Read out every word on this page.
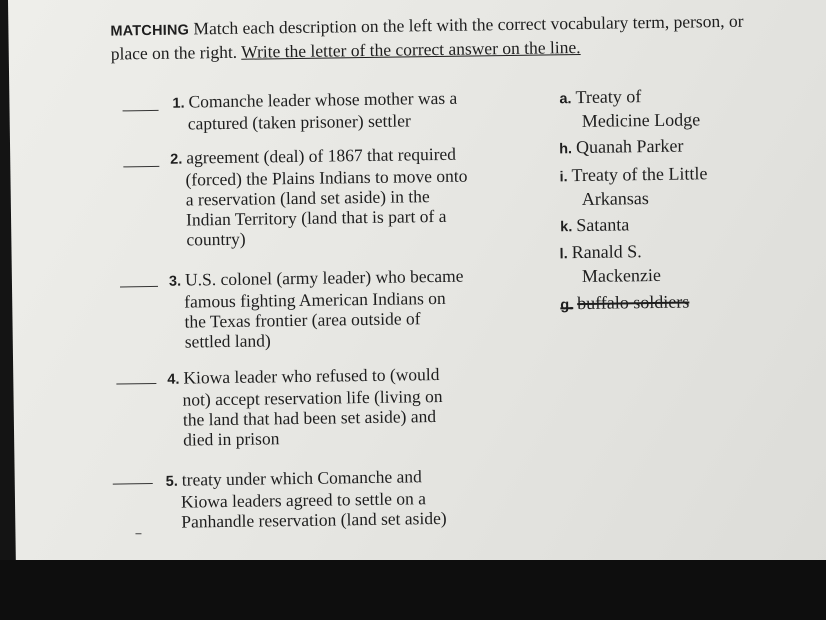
MATCHING Match each description on the left with the correct vocabulary term, person, or place on the right. Write the letter of the correct answer on the line.
1. Comanche leader whose mother was a
captured (taken prisoner) settler
2. agreement (deal) of 1867 that required
(forced) the Plains Indians to move onto
a reservation (land set aside) in the
Indian Territory (land that is part of a
country)
3. U.S. colonel (army leader) who became
famous fighting American Indians on
the Texas frontier (area outside of
settled land)
4. Kiowa leader who refused to (would
not) accept reservation life (living on
the land that had been set aside) and
died in prison
5. treaty under which Comanche and
Kiowa leaders agreed to settle on a
Panhandle reservation (land set aside)
a. Treaty of
Medicine Lodge
h. Quanah Parker
i. Treaty of the Little
Arkansas
k. Satanta
l. Ranald S.
Mackenzie
g. buffalo soldiers
